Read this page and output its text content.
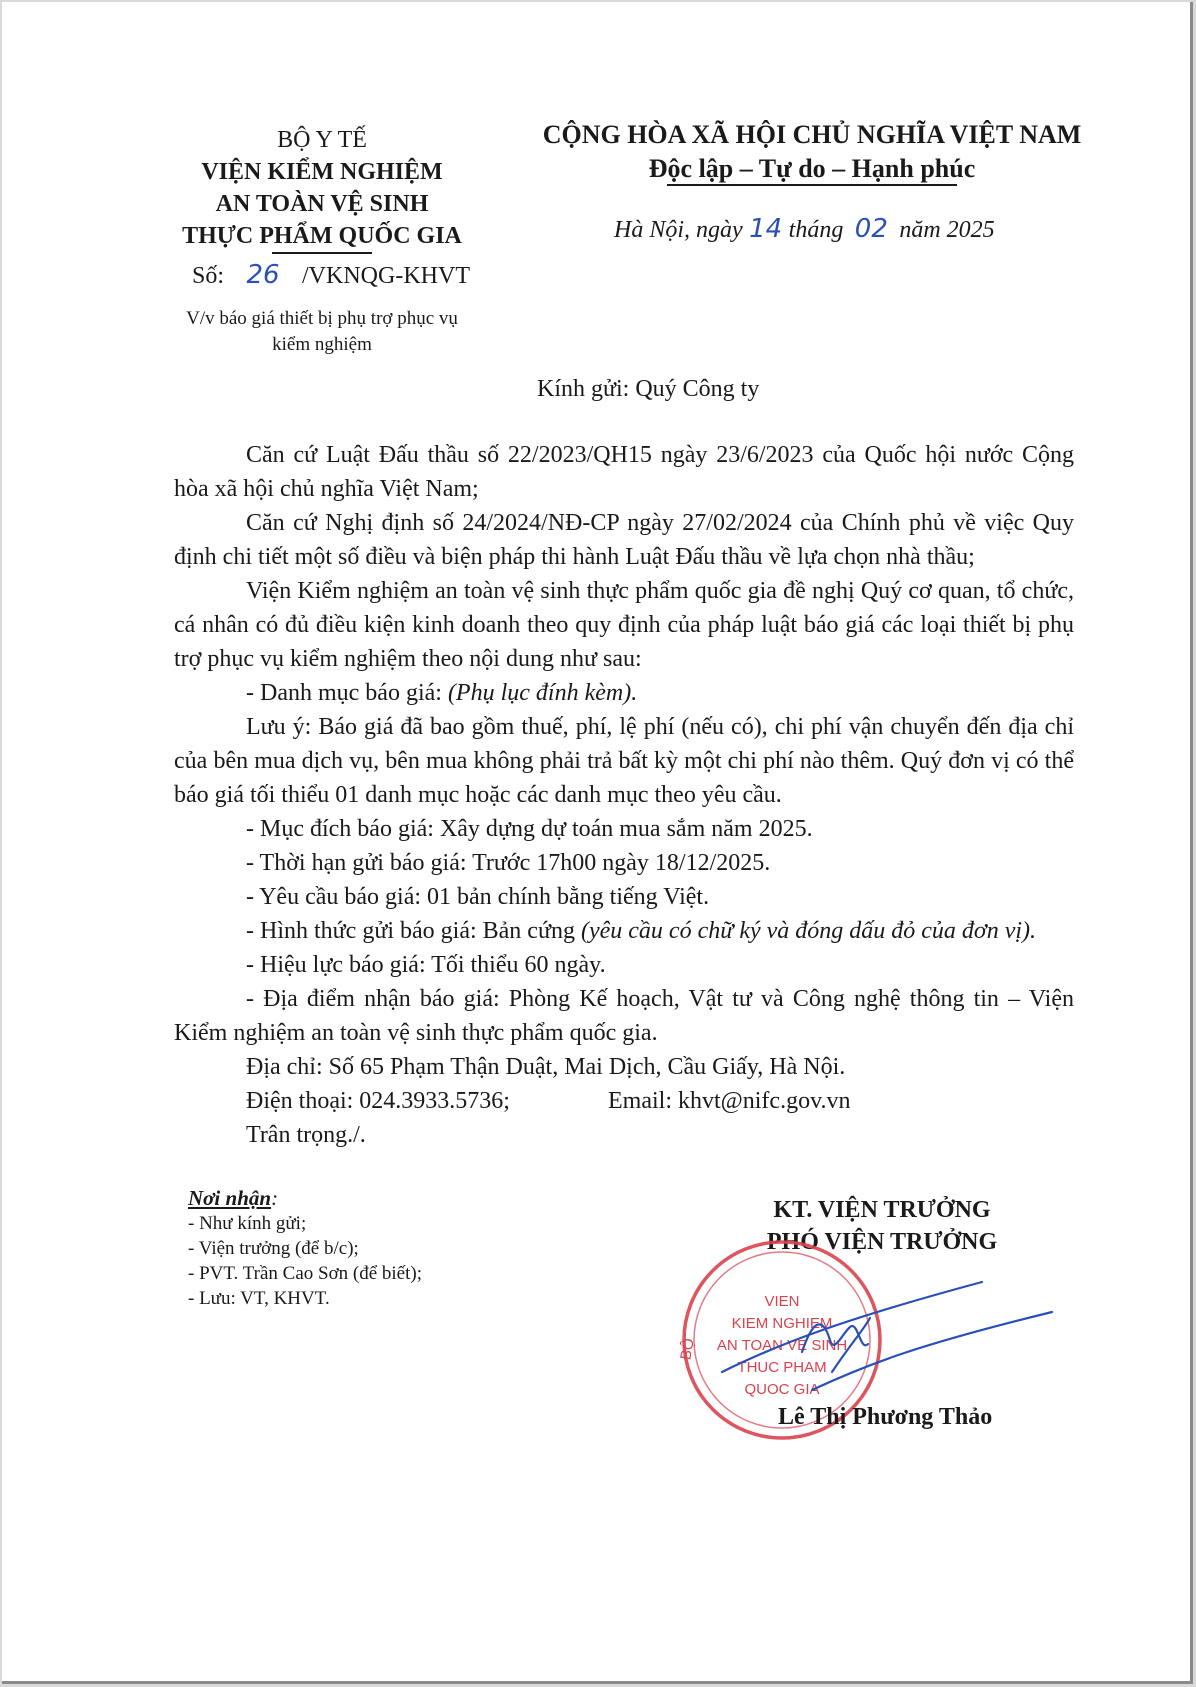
BỘ Y TẾ
VIỆN KIỂM NGHIỆM
AN TOÀN VỆ SINH
THỰC PHẨM QUỐC GIA
Số: 26 /VKNQG-KHVT
V/v báo giá thiết bị phụ trợ phục vụ
kiểm nghiệm
CỘNG HÒA XÃ HỘI CHỦ NGHĨA VIỆT NAM
Độc lập – Tự do – Hạnh phúc
Hà Nội, ngày 14 tháng 02 năm 2025
Kính gửi: Quý Công ty
Căn cứ Luật Đấu thầu số 22/2023/QH15 ngày 23/6/2023 của Quốc hội nước Cộng hòa xã hội chủ nghĩa Việt Nam;
Căn cứ Nghị định số 24/2024/NĐ-CP ngày 27/02/2024 của Chính phủ về việc Quy định chi tiết một số điều và biện pháp thi hành Luật Đấu thầu về lựa chọn nhà thầu;
Viện Kiểm nghiệm an toàn vệ sinh thực phẩm quốc gia đề nghị Quý cơ quan, tổ chức, cá nhân có đủ điều kiện kinh doanh theo quy định của pháp luật báo giá các loại thiết bị phụ trợ phục vụ kiểm nghiệm theo nội dung như sau:
- Danh mục báo giá: (Phụ lục đính kèm).
Lưu ý: Báo giá đã bao gồm thuế, phí, lệ phí (nếu có), chi phí vận chuyển đến địa chỉ của bên mua dịch vụ, bên mua không phải trả bất kỳ một chi phí nào thêm. Quý đơn vị có thể báo giá tối thiểu 01 danh mục hoặc các danh mục theo yêu cầu.
- Mục đích báo giá: Xây dựng dự toán mua sắm năm 2025.
- Thời hạn gửi báo giá: Trước 17h00 ngày 18/12/2025.
- Yêu cầu báo giá: 01 bản chính bằng tiếng Việt.
- Hình thức gửi báo giá: Bản cứng (yêu cầu có chữ ký và đóng dấu đỏ của đơn vị).
- Hiệu lực báo giá: Tối thiểu 60 ngày.
- Địa điểm nhận báo giá: Phòng Kế hoạch, Vật tư và Công nghệ thông tin – Viện Kiểm nghiệm an toàn vệ sinh thực phẩm quốc gia.
Địa chỉ: Số 65 Phạm Thận Duật, Mai Dịch, Cầu Giấy, Hà Nội.
Điện thoại: 024.3933.5736;	Email: khvt@nifc.gov.vn
Trân trọng./.
Nơi nhận:
- Như kính gửi;
- Viện trưởng (để b/c);
- PVT. Trần Cao Sơn (để biết);
- Lưu: VT, KHVT.
KT. VIỆN TRƯỞNG
PHÓ VIỆN TRƯỞNG
VIEN
KIEM NGHIEM
AN TOAN VE SINH
THUC PHAM
QUOC GIA
BỘ
Lê Thị Phương Thảo
